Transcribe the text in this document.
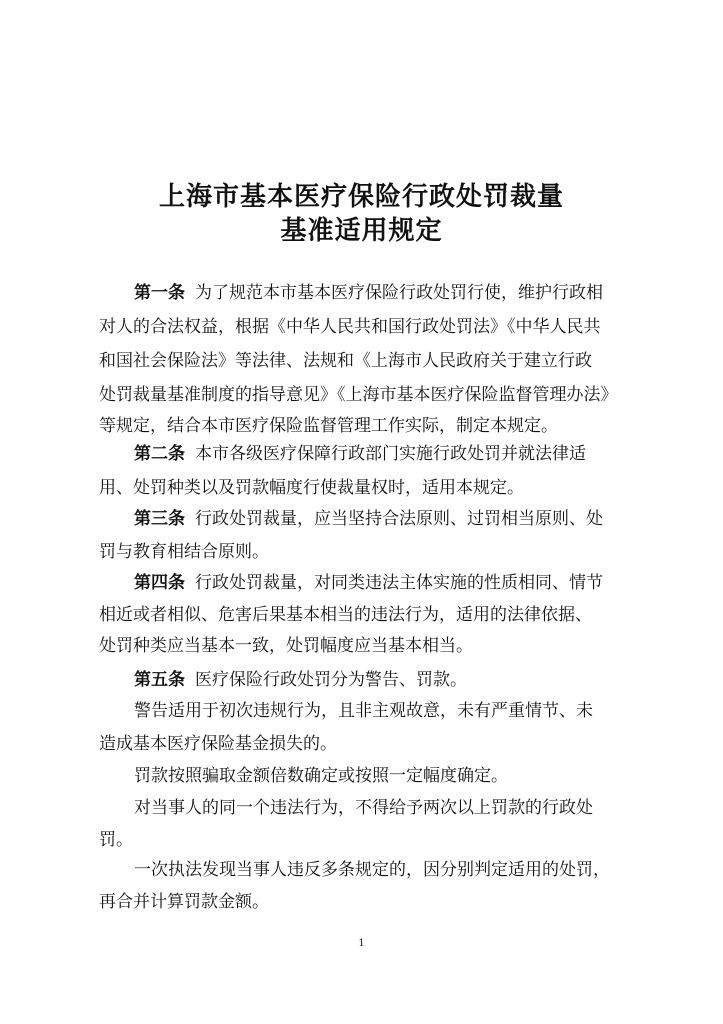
上海市基本医疗保险行政处罚裁量
基准适用规定
第一条 为了规范本市基本医疗保险行政处罚行使，维护行政相
对人的合法权益，根据《中华人民共和国行政处罚法》《中华人民共
和国社会保险法》等法律、法规和《上海市人民政府关于建立行政
处罚裁量基准制度的指导意见》《上海市基本医疗保险监督管理办法》
等规定，结合本市医疗保险监督管理工作实际，制定本规定。
第二条 本市各级医疗保障行政部门实施行政处罚并就法律适
用、处罚种类以及罚款幅度行使裁量权时，适用本规定。
第三条 行政处罚裁量，应当坚持合法原则、过罚相当原则、处
罚与教育相结合原则。
第四条 行政处罚裁量，对同类违法主体实施的性质相同、情节
相近或者相似、危害后果基本相当的违法行为，适用的法律依据、
处罚种类应当基本一致，处罚幅度应当基本相当。
第五条 医疗保险行政处罚分为警告、罚款。
警告适用于初次违规行为，且非主观故意，未有严重情节、未
造成基本医疗保险基金损失的。
罚款按照骗取金额倍数确定或按照一定幅度确定。
对当事人的同一个违法行为，不得给予两次以上罚款的行政处
罚。
一次执法发现当事人违反多条规定的，因分别判定适用的处罚，
再合并计算罚款金额。
1
